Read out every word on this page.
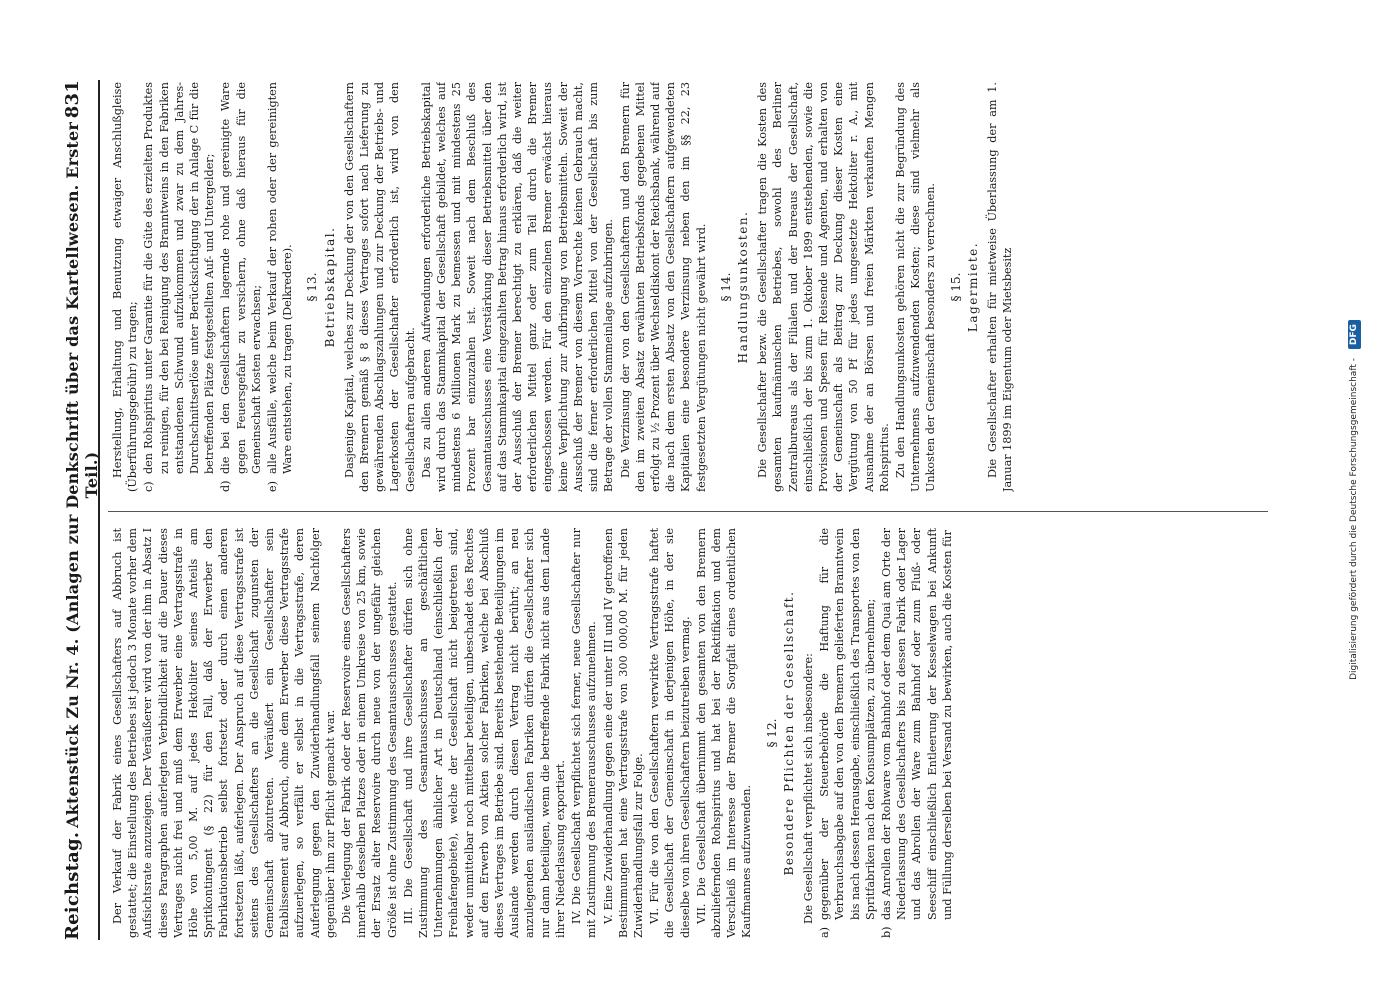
Reichstag.
Aktenstück Zu Nr. 4. (Anlagen zur Denkschrift über das Kartellwesen. Erster Teil.)
831

Der Verkauf der Fabrik eines Gesellschafters auf Abbruch ist gestattet; die Einstellung des Betriebes ist jedoch 3 Monate vorher dem Aufsichtsrate anzuzeigen. Der Veräußerer wird von der ihm in Absatz I dieses Paragraphen auferlegten Verbindlichkeit auf die Dauer dieses Vertrages nicht frei und muß dem Erwerber eine Vertragsstrafe in Höhe von 5,00 M. auf jedes Hektoliter seines Anteils am Spritkontingent (§ 22) für den Fall, daß der Erwerber den Fabrikationsbetrieb selbst fortsetzt oder durch einen anderen fortsetzen läßt, auferlegen. Der Anspruch auf diese Vertragsstrafe ist seitens des Gesellschafters an die Gesellschaft zugunsten der Gemeinschaft abzutreten. Veräußert ein Gesellschafter sein Etablissement auf Abbruch, ohne dem Erwerber diese Vertragsstrafe aufzuerlegen, so verfällt er selbst in die Vertragsstrafe, deren Auferlegung gegen den Zuwiderhandlungsfall seinem Nachfolger gegenüber ihm zur Pflicht gemacht war. Die Verlegung der Fabrik oder der Reservoire eines Gesellschafters innerhalb desselben Platzes oder in einem Umkreise von 25 km, sowie der Ersatz alter Reservoire durch neue von der ungefähr gleichen Größe ist ohne Zustimmung des Gesamtausschusses gestattet. III. Die Gesellschaft und ihre Gesellschafter dürfen sich ohne Zustimmung des Gesamtausschusses an geschäftlichen Unternehmungen ähnlicher Art in Deutschland (einschließlich der Freihafengebiete), welche der Gesellschaft nicht beigetreten sind, weder unmittelbar noch mittelbar beteiligen, unbeschadet des Rechtes auf den Erwerb von Aktien solcher Fabriken, welche bei Abschluß dieses Vertrages im Betriebe sind. Bereits bestehende Beteiligungen im Auslande werden durch diesen Vertrag nicht berührt; an neu anzulegenden ausländischen Fabriken dürfen die Gesellschafter sich nur dann beteiligen, wenn die betreffende Fabrik nicht aus dem Lande ihrer Niederlassung exportiert. IV. Die Gesellschaft verpflichtet sich ferner, neue Gesellschafter nur mit Zustimmung des Bremerausschusses aufzunehmen. V. Eine Zuwiderhandlung gegen eine der unter III und IV getroffenen Bestimmungen hat eine Vertragsstrafe von 300 000,00 M. für jeden Zuwiderhandlungsfall zur Folge. VI. Für die von den Gesellschaftern verwirkte Vertragsstrafe haftet die Gesellschaft der Gemeinschaft in derjenigen Höhe, in der sie dieselbe von ihren Gesellschaftern beizutreiben vermag. VII. Die Gesellschaft übernimmt den gesamten von den Bremern abzuliefernden Rohspiritus und hat bei der Rektifikation und dem Verschleiß im Interesse der Bremer die Sorgfalt eines ordentlichen Kaufmannes aufzuwenden.

§ 12. Besondere Pflichten der Gesellschaft. Die Gesellschaft verpflichtet sich insbesondere:

a)
gegenüber der Steuerbehörde die Haftung für die Verbrauchsabgabe auf den von den Bremern gelieferten Branntwein bis nach dessen Herausgabe, einschließlich des Transportes von den Spritfabriken nach den Konsumplätzen, zu übernehmen;

b)
das Anrollen der Rohware vom Bahnhof oder dem Quai am Orte der Niederlassung des Gesellschafters bis zu dessen Fabrik oder Lager und das Abrollen der Ware zum Bahnhof oder zum Fluß- oder Seeschiff einschließlich Entleerung der Kesselwagen bei Ankunft und Füllung derselben bei Versand zu bewirken, auch die Kosten für

Herstellung, Erhaltung und Benutzung etwaiger Anschlußgleise (Überführungsgebühr) zu tragen; c)
den Rohspiritus unter Garantie für die Güte des erzielten Produktes zu reinigen, für den bei Reinigung des Branntweins in den Fabriken entstandenen Schwund aufzukommen und zwar zu dem Jahres-Durchschnittserlöse unter Berücksichtigung der in Anlage C für die betreffenden Plätze festgestellten Auf- und Untergelder;

d)
die bei den Gesellschaftern lagernde rohe und gereinigte Ware gegen Feuersgefahr zu versichern, ohne daß hieraus für die Gemeinschaft Kosten erwachsen;

e)
alle Ausfälle, welche beim Verkauf der rohen oder der gereinigten Ware entstehen, zu tragen (Delkredere). § 13. Betriebskapital. Dasjenige Kapital, welches zur Deckung der von den Gesellschaftern den Bremern gemäß § 8 dieses Vertrages sofort nach Lieferung zu gewährenden Abschlagszahlungen und zur Deckung der Betriebs- und Lagerkosten der Gesellschafter erforderlich ist, wird von den Gesellschaftern aufgebracht. Das zu allen anderen Aufwendungen erforderliche Betriebskapital wird durch das Stammkapital der Gesellschaft gebildet, welches auf mindestens 6 Millionen Mark zu bemessen und mit mindestens 25 Prozent bar einzuzahlen ist. Soweit nach dem Beschluß des Gesamtausschusses eine Verstärkung dieser Betriebsmittel über den auf das Stammkapital eingezahlten Betrag hinaus erforderlich wird, ist der Ausschuß der Bremer berechtigt zu erklären, daß die weiter erforderlichen Mittel ganz oder zum Teil durch die Bremer eingeschossen werden. Für den einzelnen Bremer erwächst hieraus keine Verpflichtung zur Aufbringung von Betriebsmitteln. Soweit der Ausschuß der Bremer von diesem Vorrechte keinen Gebrauch macht, sind die ferner erforderlichen Mittel von der Gesellschaft bis zum Betrage der vollen Stammeinlage aufzubringen. Die Verzinsung der von den Gesellschaftern und den Bremern für den im zweiten Absatz erwähnten Betriebsfonds gegebenen Mittel erfolgt zu ½ Prozent über Wechseldiskont der Reichsbank, während auf die nach dem ersten Absatz von den Gesellschaftern aufgewendeten Kapitalien eine besondere Verzinsung neben den im §§ 22, 23 festgesetzten Vergütungen nicht gewährt wird. § 14. Handlungsunkosten. Die Gesellschafter bezw. die Gesellschafter tragen die Kosten des gesamten kaufmännischen Betriebes, sowohl des Berliner Zentralbureaus als der Filialen und der Bureaus der Gesellschaft, einschließlich der bis zum 1. Oktober 1899 entstehenden, sowie die Provisionen und Spesen für Reisende und Agenten, und erhalten von der Gemeinschaft als Beitrag zur Deckung dieser Kosten eine Vergütung von 50 Pf für jedes umgesetzte Hektoliter r. A., mit Ausnahme der an Börsen und freien Märkten verkauften Mengen Rohspiritus. Zu den Handlungsunkosten gehören nicht die zur Begründung des Unternehmens aufzuwendenden Kosten; diese sind vielmehr als Unkosten der Gemeinschaft besonders zu verrechnen. § 15. Lagermiete. Die Gesellschafter erhalten für mietweise Überlassung der am 1. Januar 1899 im Eigentum oder Mietsbesitz	Digitalisierung gefördert durch die Deutsche Forschungsgemeinschaft - DFG
